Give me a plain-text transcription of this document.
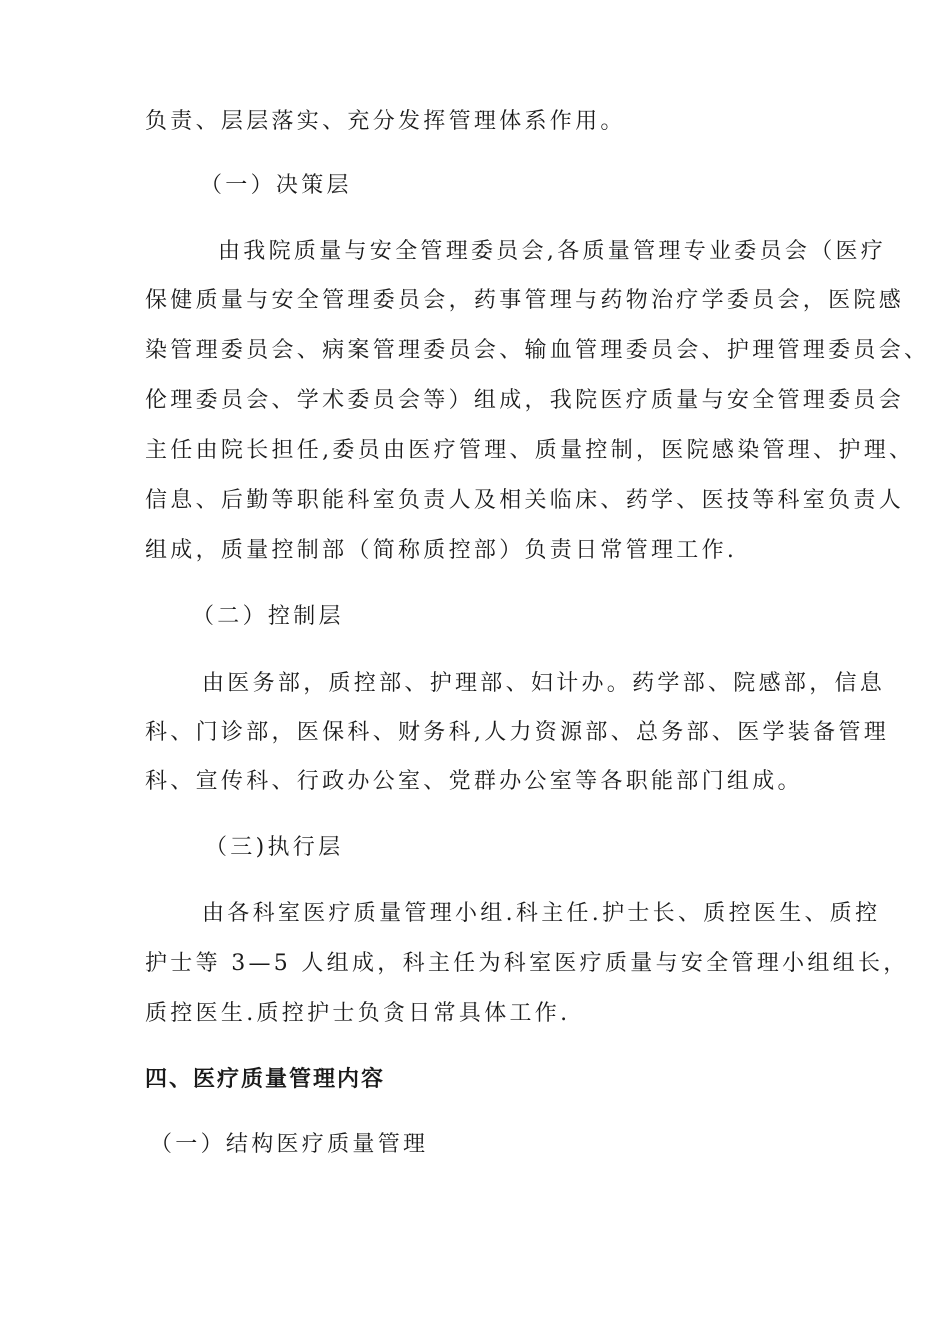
负责、层层落实、充分发挥管理体系作用。
（一）决策层
由我院质量与安全管理委员会,各质量管理专业委员会（医疗
保健质量与安全管理委员会，药事管理与药物治疗学委员会，医院感
染管理委员会、病案管理委员会、输血管理委员会、护理管理委员会、
伦理委员会、学术委员会等）组成，我院医疗质量与安全管理委员会
主任由院长担任,委员由医疗管理、质量控制，医院感染管理、护理、
信息、后勤等职能科室负责人及相关临床、药学、医技等科室负责人
组成，质量控制部（简称质控部）负责日常管理工作.
（二）控制层
由医务部，质控部、护理部、妇计办。药学部、院感部，信息
科、门诊部，医保科、财务科,人力资源部、总务部、医学装备管理
科、宣传科、行政办公室、党群办公室等各职能部门组成。
（三)执行层
由各科室医疗质量管理小组.科主任.护士长、质控医生、质控
护士等 3—5 人组成，科主任为科室医疗质量与安全管理小组组长，
质控医生.质控护士负贪日常具体工作.
四、医疗质量管理内容
（一）结构医疗质量管理
